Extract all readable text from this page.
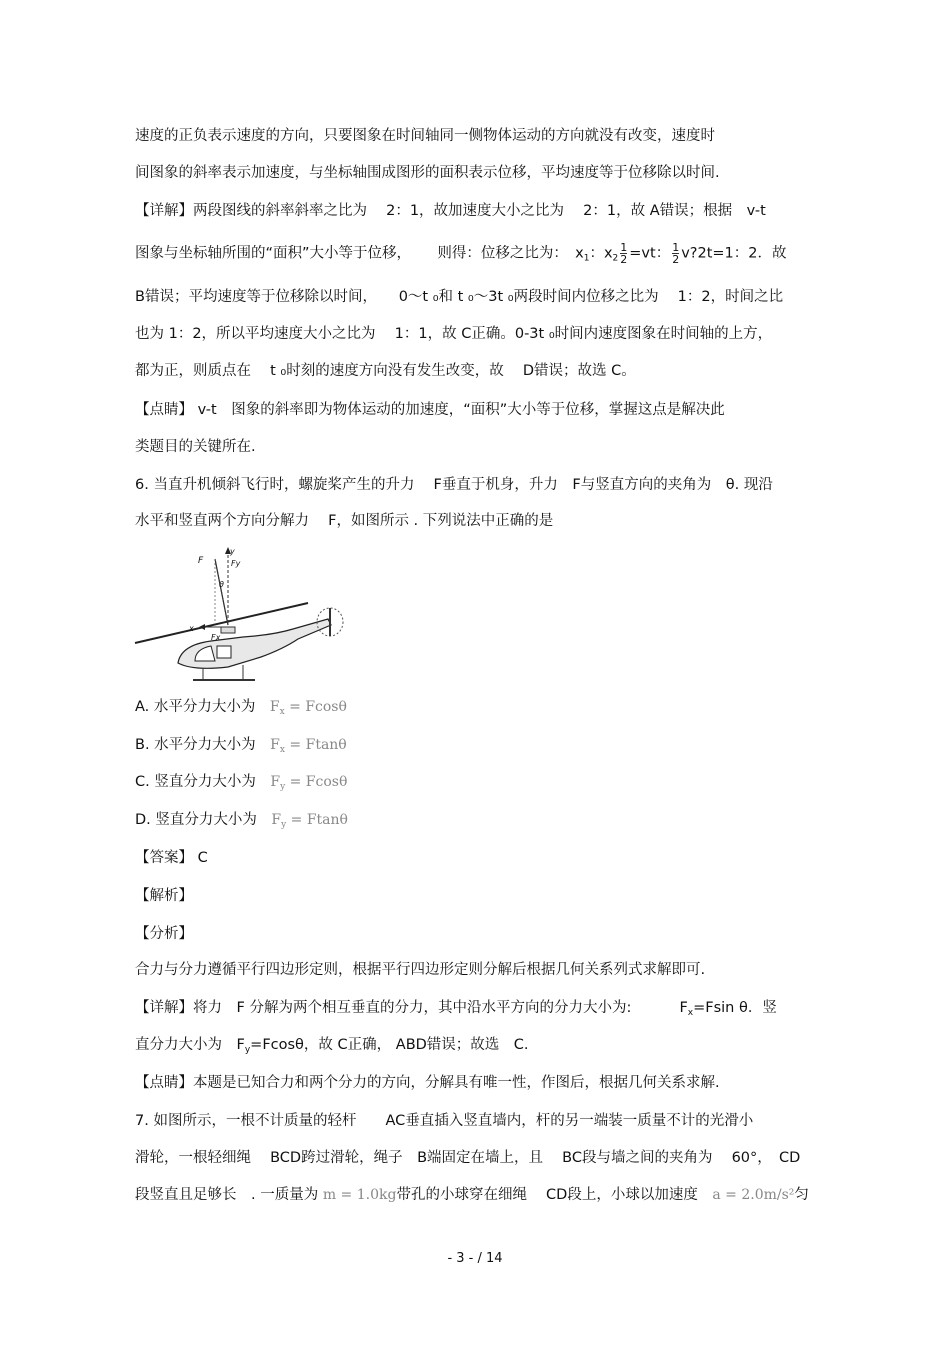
速度的正负表示速度的方向，只要图象在时间轴同一侧物体运动的方向就没有改变，速度时
间图象的斜率表示加速度，与坐标轴围成图形的面积表示位移，平均速度等于位移除以时间.
【详解】两段图线的斜率斜率之比为　 2：1，故加速度大小之比为　 2：1，故 A错误；根据　v-t
图象与坐标轴所围的“面积”大小等于位移，　　 则得：位移之比为：　$x_1$：$x_2 \frac{1}{2} =vt$： $\frac{1}{2}$ v?2t=1：2．故
B错误；平均速度等于位移除以时间，　　0～t ₀和 t ₀～3t ₀两段时间内位移之比为　 1：2，时间之比
也为 1：2，所以平均速度大小之比为　 1：1，故 C正确。0-3t ₀时间内速度图象在时间轴的上方，
都为正，则质点在　 t ₀时刻的速度方向没有发生改变，故　 D错误；故选 C。
【点睛】 v-t　图象的斜率即为物体运动的加速度，“面积”大小等于位移，掌握这点是解决此
类题目的关键所在.
6. 当直升机倾斜飞行时，螺旋桨产生的升力　 F垂直于机身，升力　F与竖直方向的夹角为　θ. 现沿
水平和竖直两个方向分解力　 F，如图所示 . 下列说法中正确的是
F
y
Fy
θ
x
Fx
A. 水平分力大小为　 $F_x = Fcos\theta$
B. 水平分力大小为　 $F_x = Ftan\theta$
C. 竖直分力大小为　 $F_y = Fcos\theta$
D. 竖直分力大小为　 $F_y = Ftan\theta$
【答案】 C
【解析】
【分析】
合力与分力遵循平行四边形定则，根据平行四边形定则分解后根据几何关系列式求解即可.
【详解】将力　F 分解为两个相互垂直的分力，其中沿水平方向的分力大小为:　　　 $F_x=Fsin$ θ．竖
直分力大小为　$F_y=Fcos\theta$，故 C正确， ABD错误；故选　C.
【点睛】本题是已知合力和两个分力的方向，分解具有唯一性，作图后，根据几何关系求解.
7. 如图所示，一根不计质量的轻杆　　AC垂直插入竖直墙内，杆的另一端装一质量不计的光滑小
滑轮，一根轻细绳　 BCD跨过滑轮，绳子　B端固定在墙上，且　 BC段与墙之间的夹角为　 60°，　CD
段竖直且足够长　. 一质量为 m = 1.0kg带孔的小球穿在细绳　 CD段上，小球以加速度　 a = 2.0m/s²匀
- 3 - / 14
